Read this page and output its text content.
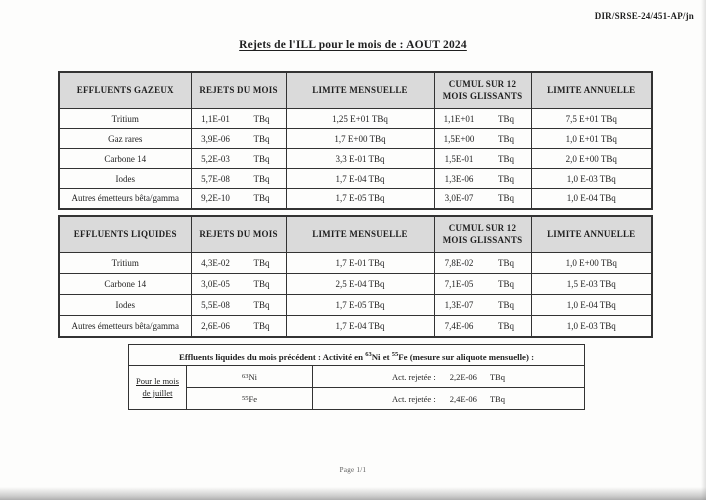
DIR/SRSE-24/451-AP/jn
Rejets de l'ILL pour le mois de : AOUT 2024
EFFLUENTS GAZEUX	REJETS DU MOIS	LIMITE MENSUELLE	CUMUL SUR 12 MOIS GLISSANTS	LIMITE ANNUELLE
Tritium	1,1E-01 TBq	1,25 E+01 TBq	1,1E+01 TBq	7,5 E+01 TBq
Gaz rares	3,9E-06 TBq	1,7 E+00 TBq	1,5E+00 TBq	1,0 E+01 TBq
Carbone 14	5,2E-03 TBq	3,3 E-01 TBq	1,5E-01 TBq	2,0 E+00 TBq
Iodes	5,7E-08 TBq	1,7 E-04 TBq	1,3E-06 TBq	1,0 E-03 TBq
Autres émetteurs bêta/gamma	9,2E-10 TBq	1,7 E-05 TBq	3,0E-07 TBq	1,0 E-04 TBq
EFFLUENTS LIQUIDES	REJETS DU MOIS	LIMITE MENSUELLE	CUMUL SUR 12 MOIS GLISSANTS	LIMITE ANNUELLE
Tritium	4,3E-02 TBq	1,7 E-01 TBq	7,8E-02 TBq	1,0 E+00 TBq
Carbone 14	3,0E-05 TBq	2,5 E-04 TBq	7,1E-05 TBq	1,5 E-03 TBq
Iodes	5,5E-08 TBq	1,7 E-05 TBq	1,3E-07 TBq	1,0 E-04 TBq
Autres émetteurs bêta/gamma	2,6E-06 TBq	1,7 E-04 TBq	7,4E-06 TBq	1,0 E-03 TBq
Effluents liquides du mois précédent : Activité en $^{63}$Ni et $^{55}$Fe (mesure sur aliquote mensuelle) :
Pour le mois
de juillet
63 Ni	Act. rejetée : 2,2E-06 TBq
55 Fe	Act. rejetée : 2,4E-06 TBq
Page 1/1
